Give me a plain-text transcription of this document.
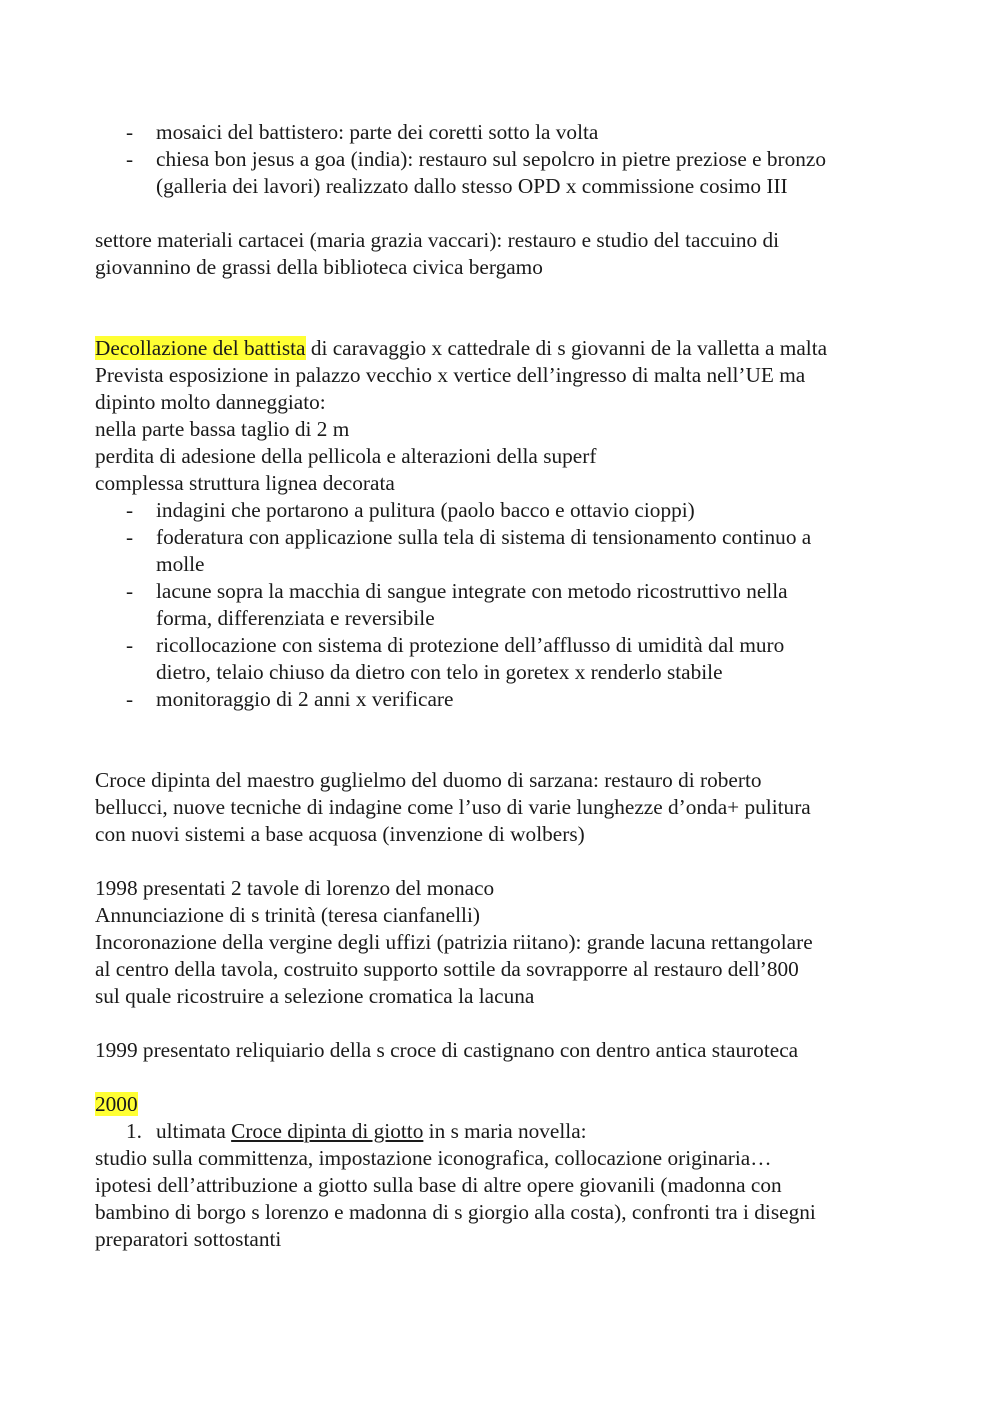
- mosaici del battistero: parte dei coretti sotto la volta
- chiesa bon jesus a goa (india): restauro sul sepolcro in pietre preziose e bronzo
(galleria dei lavori) realizzato dallo stesso OPD x commissione cosimo III
settore materiali cartacei (maria grazia vaccari): restauro e studio del taccuino di
giovannino de grassi della biblioteca civica bergamo
Decollazione del battista di caravaggio x cattedrale di s giovanni de la valletta a malta
Prevista esposizione in palazzo vecchio x vertice dell’ingresso di malta nell’UE ma
dipinto molto danneggiato:
nella parte bassa taglio di 2 m
perdita di adesione della pellicola e alterazioni della superf
complessa struttura lignea decorata
- indagini che portarono a pulitura (paolo bacco e ottavio cioppi)
- foderatura con applicazione sulla tela di sistema di tensionamento continuo a
molle
- lacune sopra la macchia di sangue integrate con metodo ricostruttivo nella
forma, differenziata e reversibile
- ricollocazione con sistema di protezione dell’afflusso di umidità dal muro
dietro, telaio chiuso da dietro con telo in goretex x renderlo stabile
- monitoraggio di 2 anni x verificare
Croce dipinta del maestro guglielmo del duomo di sarzana: restauro di roberto
bellucci, nuove tecniche di indagine come l’uso di varie lunghezze d’onda+ pulitura
con nuovi sistemi a base acquosa (invenzione di wolbers)
1998 presentati 2 tavole di lorenzo del monaco
Annunciazione di s trinità (teresa cianfanelli)
Incoronazione della vergine degli uffizi (patrizia riitano): grande lacuna rettangolare
al centro della tavola, costruito supporto sottile da sovrapporre al restauro dell’800
sul quale ricostruire a selezione cromatica la lacuna
1999 presentato reliquiario della s croce di castignano con dentro antica stauroteca
2000
1. ultimata Croce dipinta di giotto in s maria novella:
studio sulla committenza, impostazione iconografica, collocazione originaria…
ipotesi dell’attribuzione a giotto sulla base di altre opere giovanili (madonna con
bambino di borgo s lorenzo e madonna di s giorgio alla costa), confronti tra i disegni
preparatori sottostanti
